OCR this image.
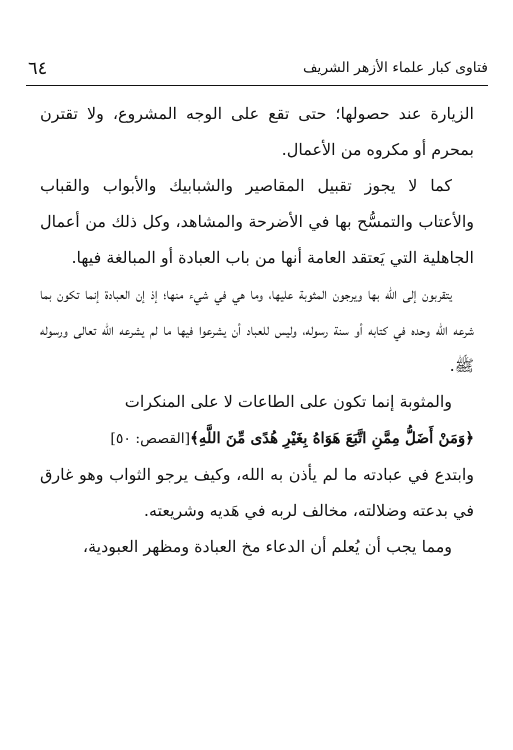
فتاوى كبار علماء الأزهر الشريف
٦٤

الزيارة عند حصولها؛ حتى تقع على الوجه المشروع، ولا تقترن بمحرم أو مكروه من الأعمال.

كما لا يجوز تقبيل المقاصير والشبابيك والأبواب والقباب والأعتاب والتمسُّح بها في الأضرحة والمشاهد، وكل ذلك من أعمال الجاهلية التي يَعتقد العامة أنها من باب العبادة أو المبالغة فيها.

يتقربون إلى الله بها ويرجون المثوبة عليها، وما هي في شيء منها؛ إذ إن العبادة إنما تكون بما شرعه الله وحده في كتابه أو سنة رسوله، وليس للعباد أن يشرعوا فيها ما لم يشرعه الله تعالى ورسوله ﷺ.

والمثوبة إنما تكون على الطاعات لا على المنكرات

﴿وَمَنْ أَضَلُّ مِمَّنِ اتَّبَعَ هَوَاهُ بِغَيْرِ هُدًى مِّنَ اللَّهِ﴾[القصص: ٥٠]

وابتدع في عبادته ما لم يأذن به الله، وكيف يرجو الثواب وهو غارق في بدعته وضلالته، مخالف لربه في هَديه وشريعته.

ومما يجب أن يُعلم أن الدعاء مخ العبادة ومظهر العبودية،
